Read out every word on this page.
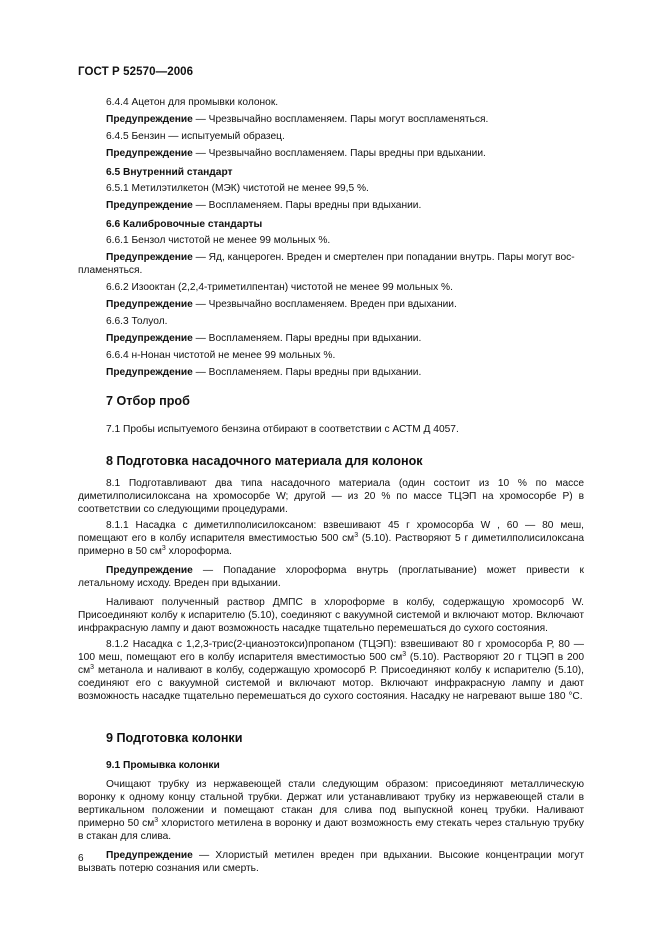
ГОСТ Р 52570—2006

6.4.4 Ацетон для промывки колонок.

Предупреждение — Чрезвычайно воспламеняем. Пары могут воспламеняться.

6.4.5 Бензин — испытуемый образец.

Предупреждение — Чрезвычайно воспламеняем. Пары вредны при вдыхании.

6.5 Внутренний стандарт

6.5.1 Метилэтилкетон (МЭК) чистотой не менее 99,5 %.

Предупреждение — Воспламеняем. Пары вредны при вдыхании.

6.6 Калибровочные стандарты

6.6.1 Бензол чистотой не менее 99 мольных %.

Предупреждение — Яд, канцероген. Вреден и смертелен при попадании внутрь. Пары могут вос-

пламеняться.

6.6.2 Изооктан (2,2,4-триметилпентан) чистотой не менее 99 мольных %.

Предупреждение — Чрезвычайно воспламеняем. Вреден при вдыхании.

6.6.3 Толуол.

Предупреждение — Воспламеняем. Пары вредны при вдыхании.

6.6.4 н-Нонан чистотой не менее 99 мольных %.

Предупреждение — Воспламеняем. Пары вредны при вдыхании.

7 Отбор проб

7.1 Пробы испытуемого бензина отбирают в соответствии с АСТМ Д 4057.

8 Подготовка насадочного материала для колонок

8.1 Подготавливают два типа насадочного материала (один состоит из 10 % по массе диметилполисилоксана на хромосорбе W; другой — из 20 % по массе ТЦЭП на хромосорбе Р) в соответствии со следующими процедурами.

8.1.1 Насадка с диметилполисилоксаном: взвешивают 45 г хромосорба W , 60 — 80 меш, помещают его в колбу испарителя вместимостью 500 $см^3$ (5.10). Растворяют 5 г диметилполисилоксана примерно в 50 $см^3$ хлороформа.

Предупреждение — Попадание хлороформа внутрь (проглатывание) может привести к летальному исходу. Вреден при вдыхании.

Наливают полученный раствор ДМПС в хлороформе в колбу, содержащую хромосорб W. Присоединяют колбу к испарителю (5.10), соединяют с вакуумной системой и включают мотор. Включают инфракрасную лампу и дают возможность насадке тщательно перемешаться до сухого состояния.

8.1.2 Насадка с 1,2,3-трис(2-цианоэтокси)пропаном (ТЦЭП): взвешивают 80 г хромосорба Р, 80 — 100 меш, помещают его в колбу испарителя вместимостью 500 $см^3$ (5.10). Растворяют 20 г ТЦЭП в 200 $см^3$ метанола и наливают в колбу, содержащую хромосорб Р. Присоединяют колбу к испарителю (5.10), соединяют его с вакуумной системой и включают мотор. Включают инфракрасную лампу и дают возможность насадке тщательно перемешаться до сухого состояния. Насадку не нагревают выше 180 °С.

9 Подготовка колонки

9.1 Промывка колонки

Очищают трубку из нержавеющей стали следующим образом: присоединяют металлическую воронку к одному концу стальной трубки. Держат или устанавливают трубку из нержавеющей стали в вертикальном положении и помещают стакан для слива под выпускной конец трубки. Наливают примерно 50 $см^3$ хлористого метилена в воронку и дают возможность ему стекать через стальную трубку в стакан для слива.

Предупреждение — Хлористый метилен вреден при вдыхании. Высокие концентрации могут вызвать потерю сознания или смерть.

6
